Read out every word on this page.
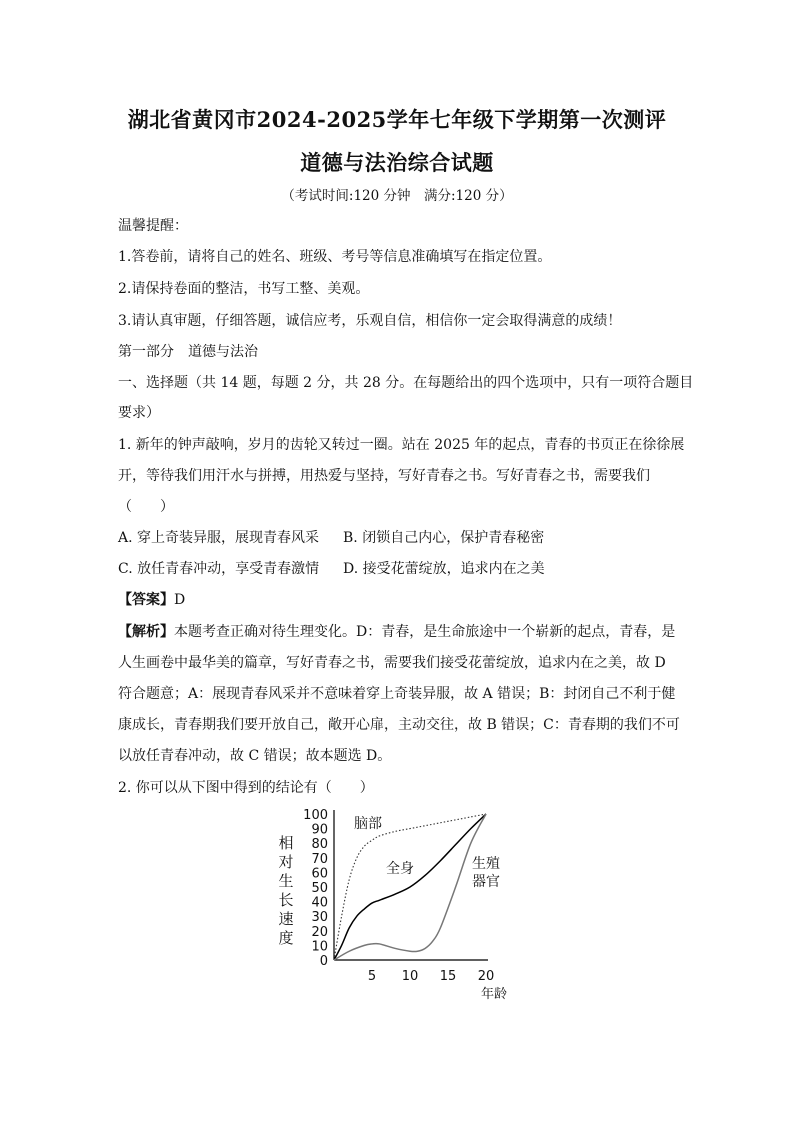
湖北省黄冈市2024-2025学年七年级下学期第一次测评
道德与法治综合试题
（考试时间:120 分钟　满分:120 分）
温馨提醒：
1.答卷前，请将自己的姓名、班级、考号等信息准确填写在指定位置。
2.请保持卷面的整洁，书写工整、美观。
3.请认真审题，仔细答题，诚信应考，乐观自信，相信你一定会取得满意的成绩！
第一部分　道德与法治
一、选择题（共 14 题，每题 2 分，共 28 分。在每题给出的四个选项中，只有一项符合题目
要求）
1. 新年的钟声敲响，岁月的齿轮又转过一圈。站在 2025 年的起点，青春的书页正在徐徐展
开，等待我们用汗水与拼搏，用热爱与坚持，写好青春之书。写好青春之书，需要我们
（　　）
A. 穿上奇装异服，展现青春风采	B. 闭锁自己内心，保护青春秘密
C. 放任青春冲动，享受青春激情	D. 接受花蕾绽放，追求内在之美
【答案】D
【解析】本题考查正确对待生理变化。D：青春，是生命旅途中一个崭新的起点，青春，是
人生画卷中最华美的篇章，写好青春之书，需要我们接受花蕾绽放，追求内在之美，故 D
符合题意；A：展现青春风采并不意味着穿上奇装异服，故 A 错误；B：封闭自己不利于健
康成长，青春期我们要开放自己，敞开心扉，主动交往，故 B 错误；C：青春期的我们不可
以放任青春冲动，故 C 错误；故本题选 D。
2. 你可以从下图中得到的结论有（　　）
相
对
生
长
速
度
0
10
20
30
40
50
60
70
80
90
100
5 10 15 20
脑部
全身	生殖
器官
年龄
